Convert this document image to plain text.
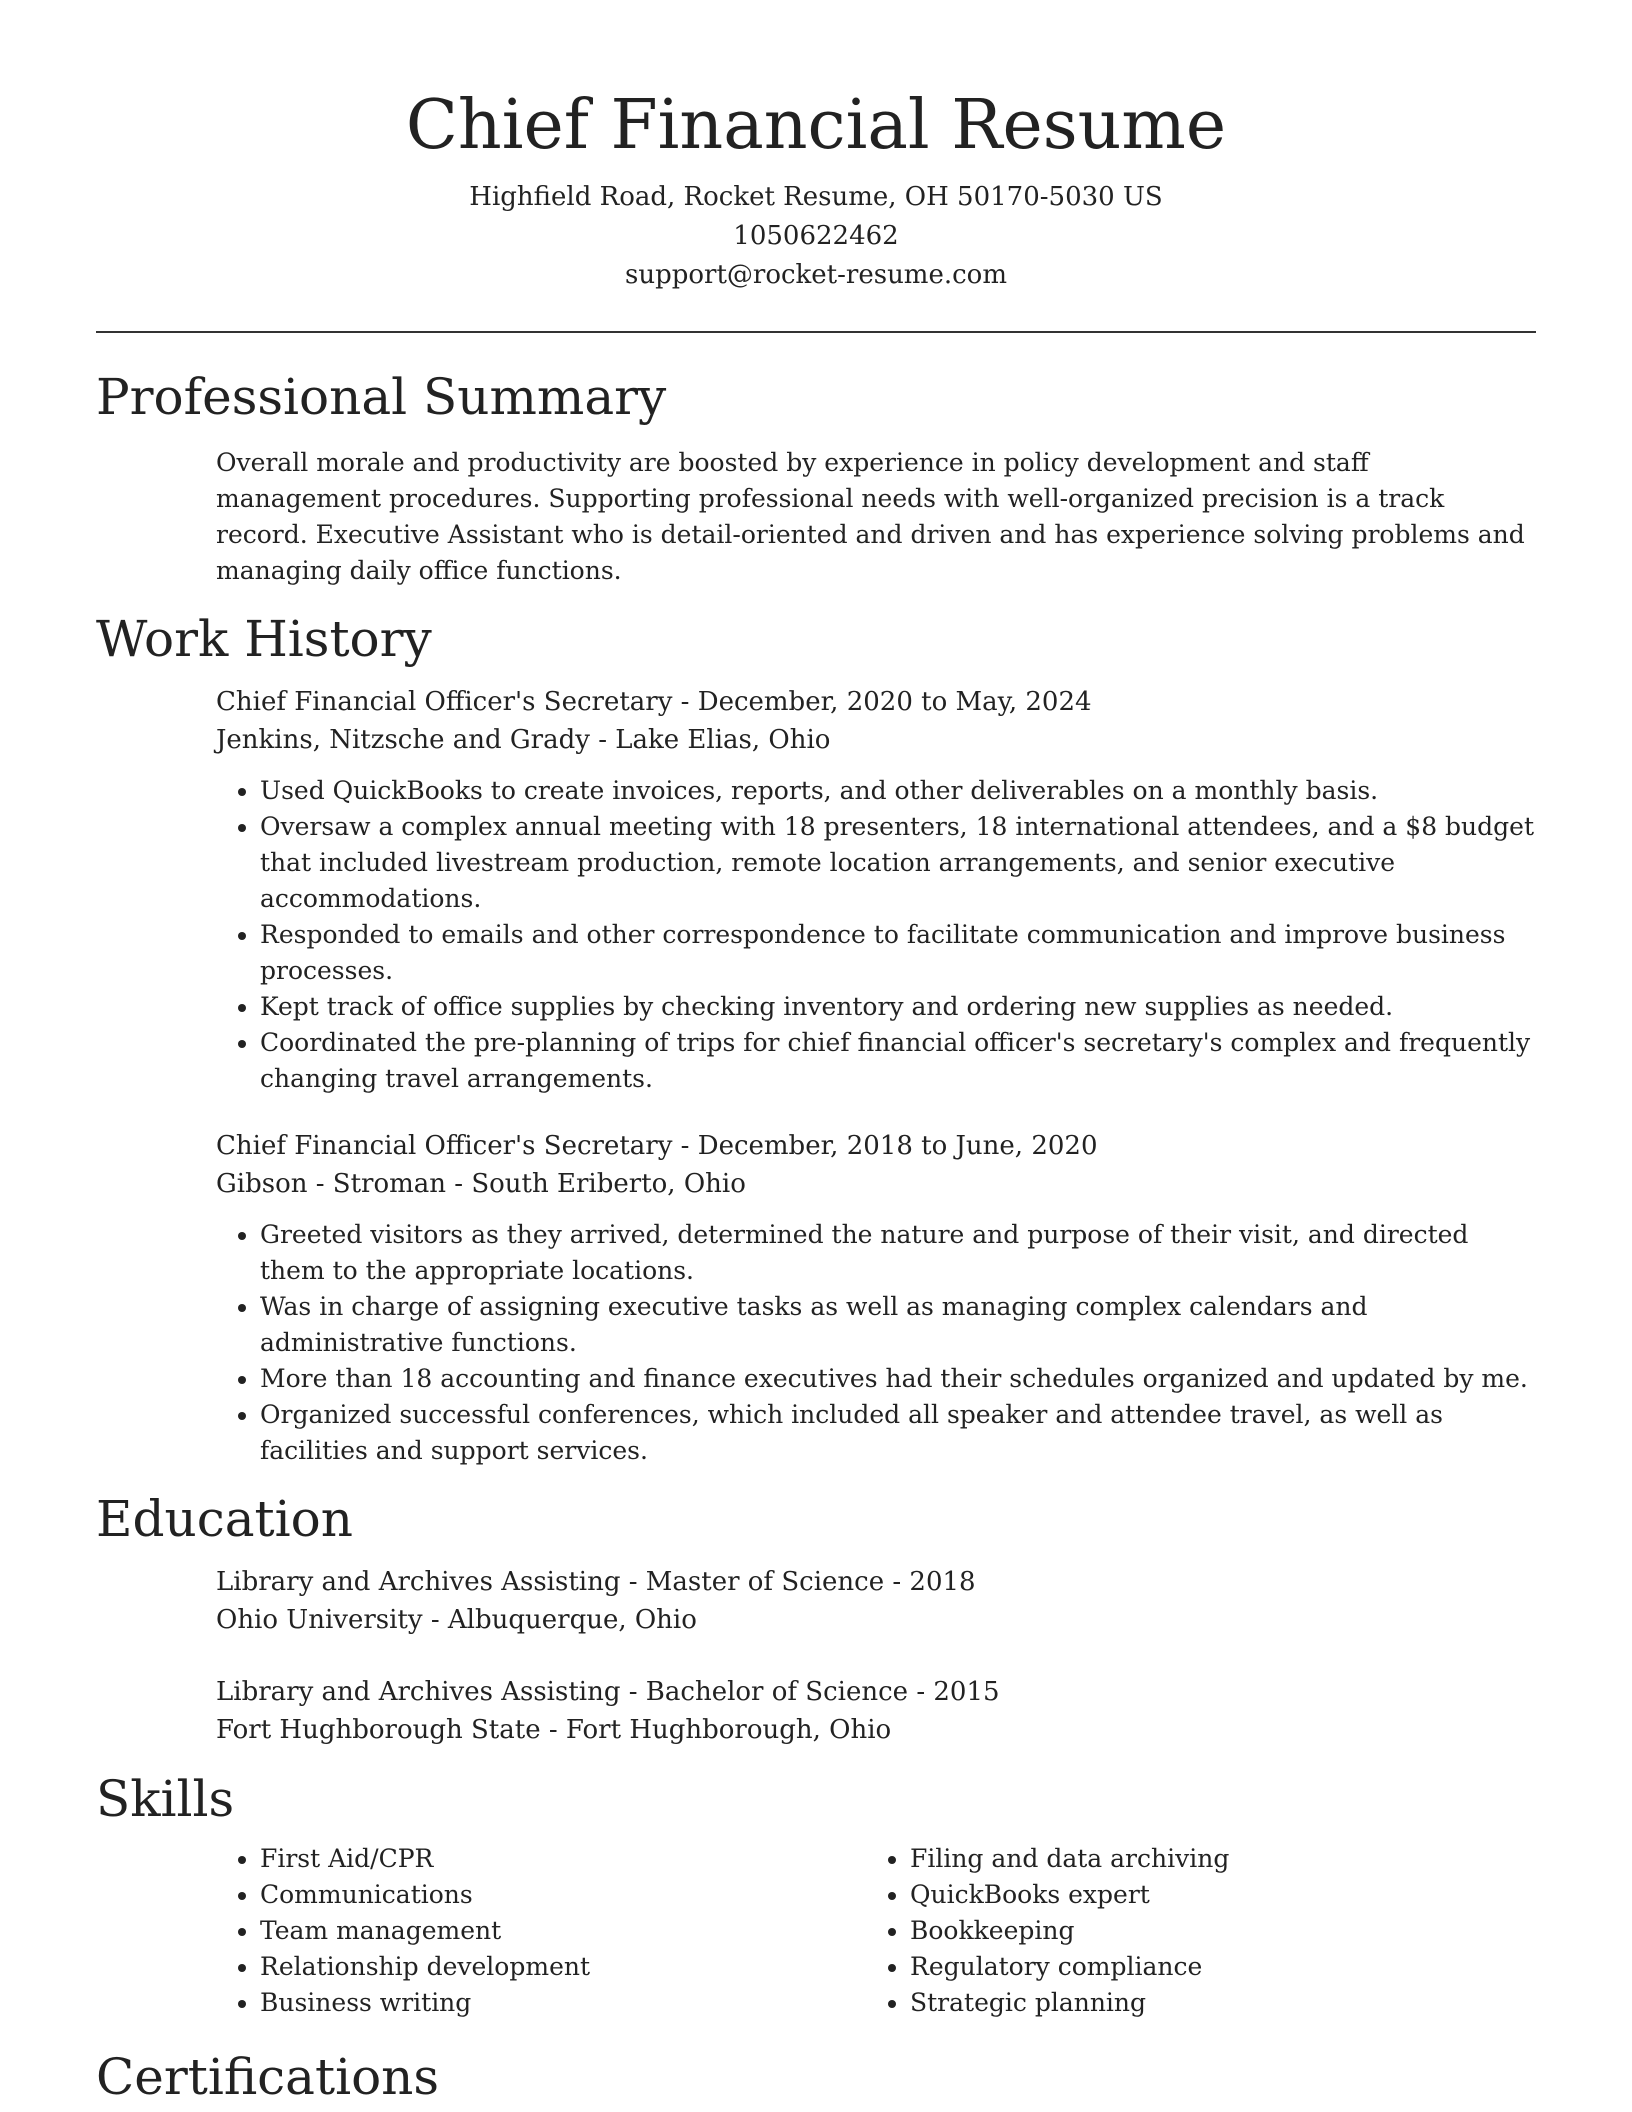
Chief Financial Resume

Highfield Road, Rocket Resume, OH 50170-5030 US

1050622462

support@rocket-resume.com

Professional Summary

Overall morale and productivity are boosted by experience in policy development and staff management procedures. Supporting professional needs with well-organized precision is a track record. Executive Assistant who is detail-oriented and driven and has experience solving problems and managing daily office functions.

Work History

Chief Financial Officer's Secretary - December, 2020 to May, 2024

Jenkins, Nitzsche and Grady - Lake Elias, Ohio

• Used QuickBooks to create invoices, reports, and other deliverables on a monthly basis.
• Oversaw a complex annual meeting with 18 presenters, 18 international attendees, and a $8 budget that included livestream production, remote location arrangements, and senior executive accommodations.
• Responded to emails and other correspondence to facilitate communication and improve business processes.
• Kept track of office supplies by checking inventory and ordering new supplies as needed.
• Coordinated the pre-planning of trips for chief financial officer's secretary's complex and frequently changing travel arrangements.

Chief Financial Officer's Secretary - December, 2018 to June, 2020

Gibson - Stroman - South Eriberto, Ohio

• Greeted visitors as they arrived, determined the nature and purpose of their visit, and directed them to the appropriate locations.
• Was in charge of assigning executive tasks as well as managing complex calendars and administrative functions.
• More than 18 accounting and finance executives had their schedules organized and updated by me.
• Organized successful conferences, which included all speaker and attendee travel, as well as facilities and support services.
Education

Library and Archives Assisting - Master of Science - 2018

Ohio University - Albuquerque, Ohio

Library and Archives Assisting - Bachelor of Science - 2015

Fort Hughborough State - Fort Hughborough, Ohio

Skills
• First Aid/CPR
• Communications
• Team management
• Relationship development
• Business writing
• Filing and data archiving
• QuickBooks expert
• Bookkeeping
• Regulatory compliance
• Strategic planning
Certifications
